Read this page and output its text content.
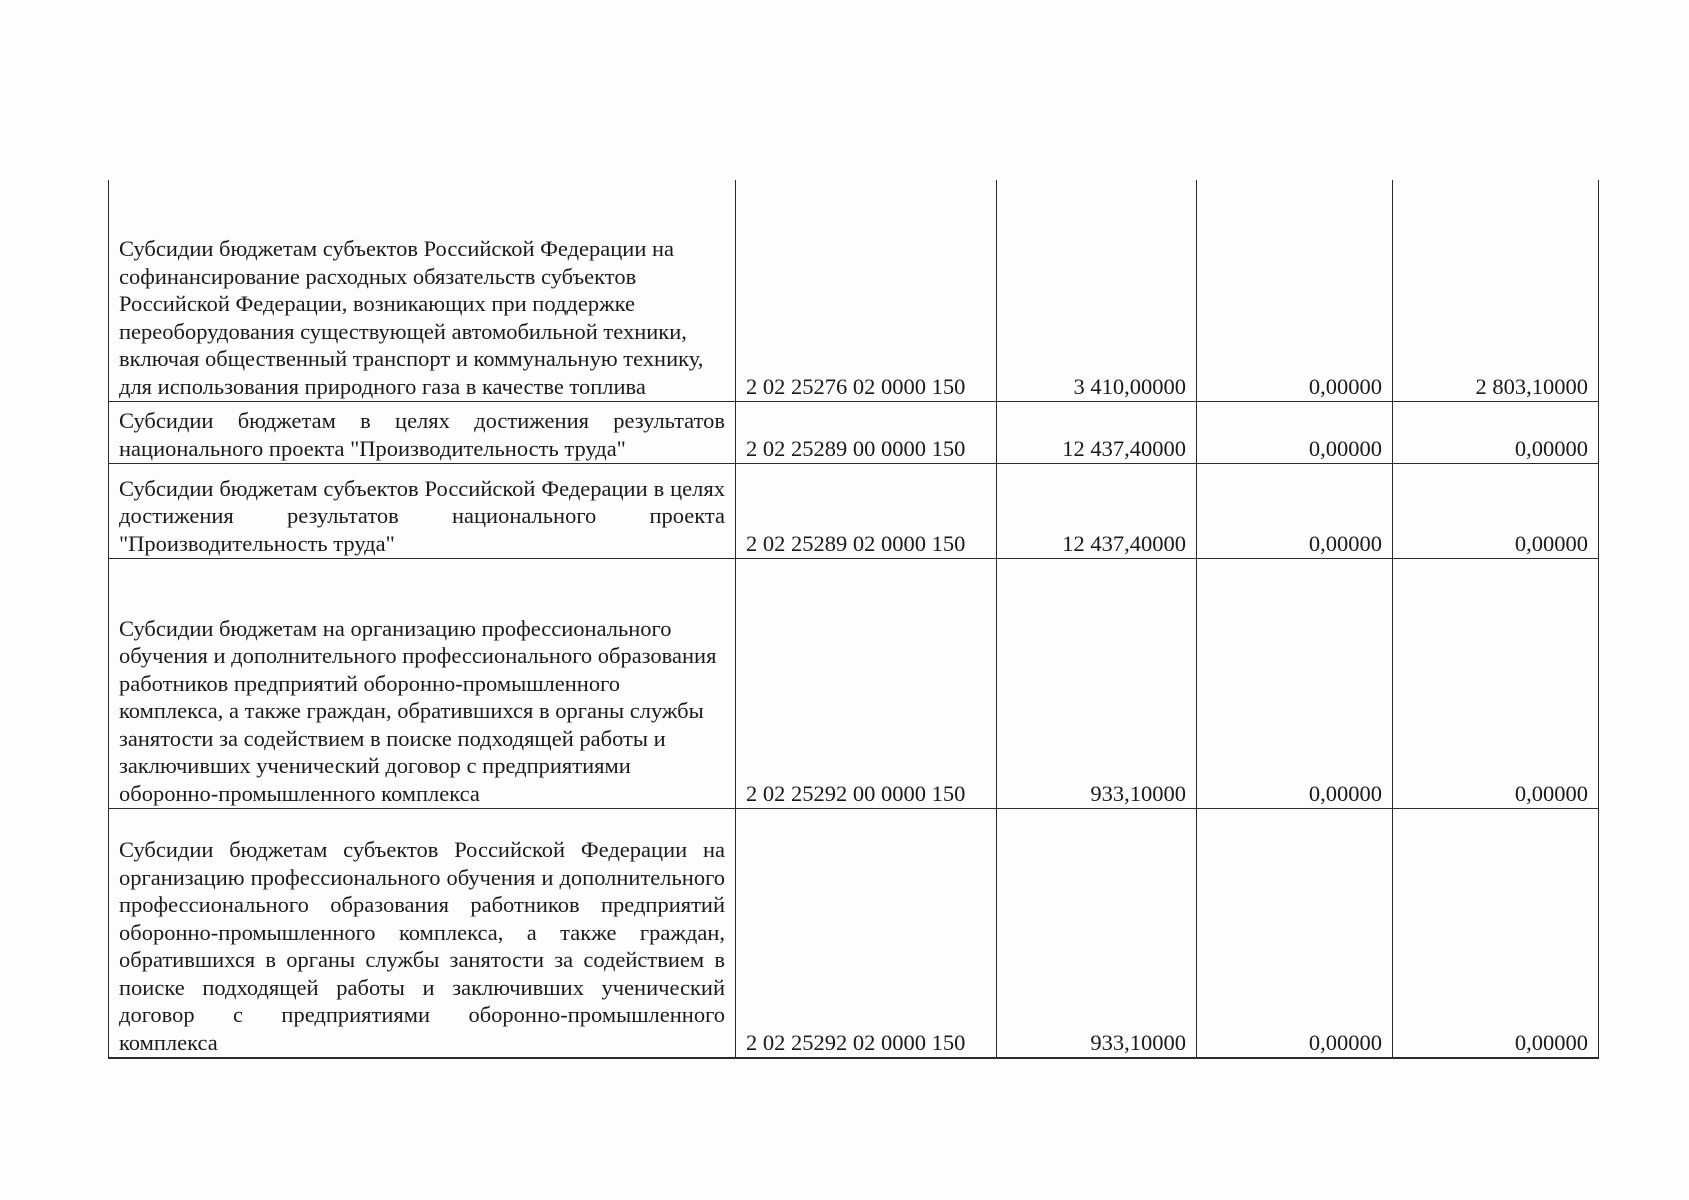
Субсидии бюджетам субъектов Российской Федерации на софинансирование расходных обязательств субъектов Российской Федерации, возникающих при поддержке переоборудования существующей автомобильной техники, включая общественный транспорт и коммунальную технику, для использования природного газа в качестве топлива	2 02 25276 02 0000 150	3 410,00000	0,00000	2 803,10000

Субсидии бюджетам в целях достижения результатов национального проекта "Производительность труда"	2 02 25289 00 0000 150	12 437,40000	0,00000	0,00000

Субсидии бюджетам субъектов Российской Федерации в целях достижения результатов национального проекта "Производительность труда"	2 02 25289 02 0000 150	12 437,40000	0,00000	0,00000

Субсидии бюджетам на организацию профессионального обучения и дополнительного профессионального образования работников предприятий оборонно-промышленного комплекса, а также граждан, обратившихся в органы службы занятости за содействием в поиске подходящей работы и заключивших ученический договор с предприятиями оборонно-промышленного комплекса	2 02 25292 00 0000 150	933,10000	0,00000	0,00000

Субсидии бюджетам субъектов Российской Федерации на организацию профессионального обучения и дополнительного профессионального образования работников предприятий оборонно-промышленного комплекса, а также граждан, обратившихся в органы службы занятости за содействием в поиске подходящей работы и заключивших ученический договор с предприятиями оборонно-промышленного комплекса	2 02 25292 02 0000 150	933,10000	0,00000	0,00000
